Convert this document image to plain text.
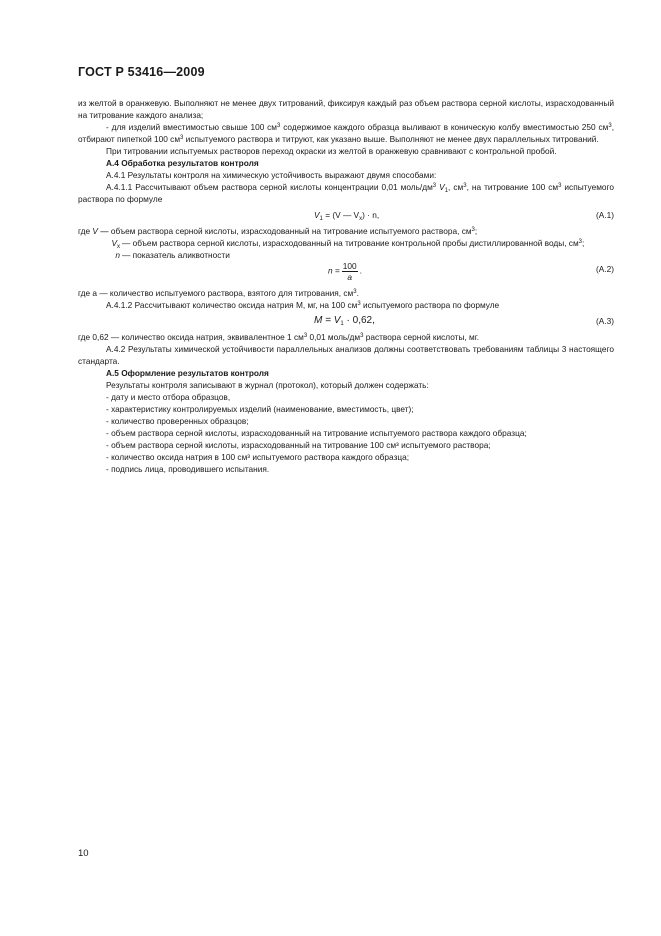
ГОСТ Р 53416—2009

из желтой в оранжевую. Выполняют не менее двух титрований, фиксируя каждый раз объем раствора серной кислоты, израсходованный на титрование каждого анализа;

- для изделий вместимостью свыше 100 $см^3$ содержимое каждого образца выливают в коническую колбу вместимостью 250 $см^3$, отбирают пипеткой 100 $см^3$ испытуемого раствора и титруют, как указано выше. Выполняют не менее двух параллельных титрований.

При титровании испытуемых растворов переход окраски из желтой в оранжевую сравнивают с контрольной пробой.

А.4 Обработка результатов контроля

А.4.1 Результаты контроля на химическую устойчивость выражают двумя способами:

А.4.1.1 Рассчитывают объем раствора серной кислоты концентрации 0,01 моль/$дм^3$ $V_1$, $см^3$, на титрование 100 $см^3$ испытуемого раствора по формуле

$V_1 = (V$ — $V_x) \cdot n$,	(А.1)
где
V —
объем раствора серной кислоты, израсходованный на титрование испытуемого раствора, $см^3$;
$V_x$ — объем раствора серной кислоты, израсходованный на титрование контрольной пробы дистиллированной воды, $см^3$;
n — показатель аликвотности
$n = \frac{100}{a}$ .	(А.2)

где a — количество испытуемого раствора, взятого для титрования, $см^3$.

А.4.1.2 Рассчитывают количество оксида натрия M, мг, на 100 $см^3$ испытуемого раствора по формуле

$M = V_1 \cdot 0,62$,	(А.3)

где 0,62 — количество оксида натрия, эквивалентное 1 $см^3$ 0,01 моль/$дм^3$ раствора серной кислоты, мг.

А.4.2 Результаты химической устойчивости параллельных анализов должны соответствовать требованиям таблицы 3 настоящего стандарта.

А.5 Оформление результатов контроля

Результаты контроля записывают в журнал (протокол), который должен содержать:

- дату и место отбора образцов,

- характеристику контролируемых изделий (наименование, вместимость, цвет);

- количество проверенных образцов;

- объем раствора серной кислоты, израсходованный на титрование испытуемого раствора каждого образца;

- объем раствора серной кислоты, израсходованный на титрование 100 см³ испытуемого раствора;

- количество оксида натрия в 100 см³ испытуемого раствора каждого образца;

- подпись лица, проводившего испытания.

10
